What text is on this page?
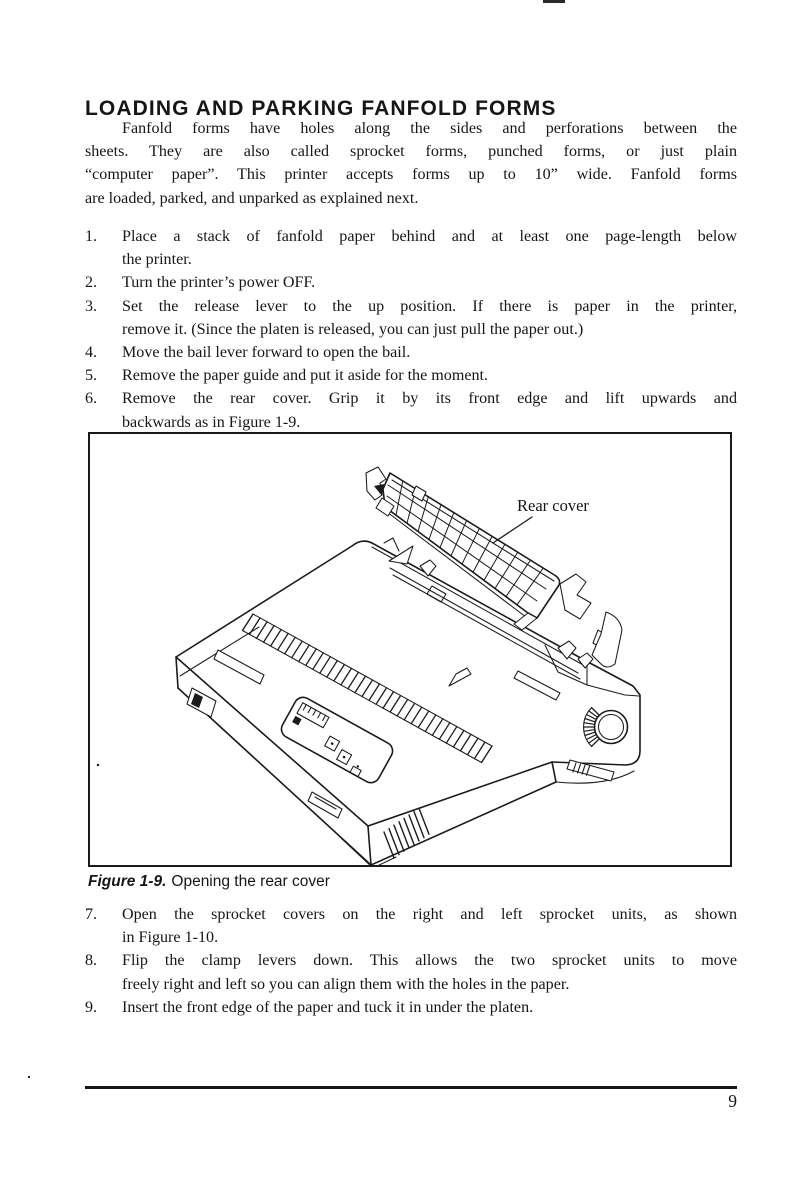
LOADING AND PARKING FANFOLD FORMS
Fanfold forms have holes along the sides and perforations between the
sheets. They are also called sprocket forms, punched forms, or just plain
“computer paper”. This printer accepts forms up to 10” wide. Fanfold forms
are loaded, parked, and unparked as explained next.
1. Place a stack of fanfold paper behind and at least one page-length below
the printer.
2. Turn the printer’s power OFF.
3. Set the release lever to the up position. If there is paper in the printer,
remove it. (Since the platen is released, you can just pull the paper out.)
4. Move the bail lever forward to open the bail.
5. Remove the paper guide and put it aside for the moment.
6. Remove the rear cover. Grip it by its front edge and lift upwards and
backwards as in Figure 1-9.
Rear cover
Figure 1-9. Opening the rear cover
7. Open the sprocket covers on the right and left sprocket units, as shown
in Figure 1-10.
8. Flip the clamp levers down. This allows the two sprocket units to move
freely right and left so you can align them with the holes in the paper.
9. Insert the front edge of the paper and tuck it in under the platen.
9
